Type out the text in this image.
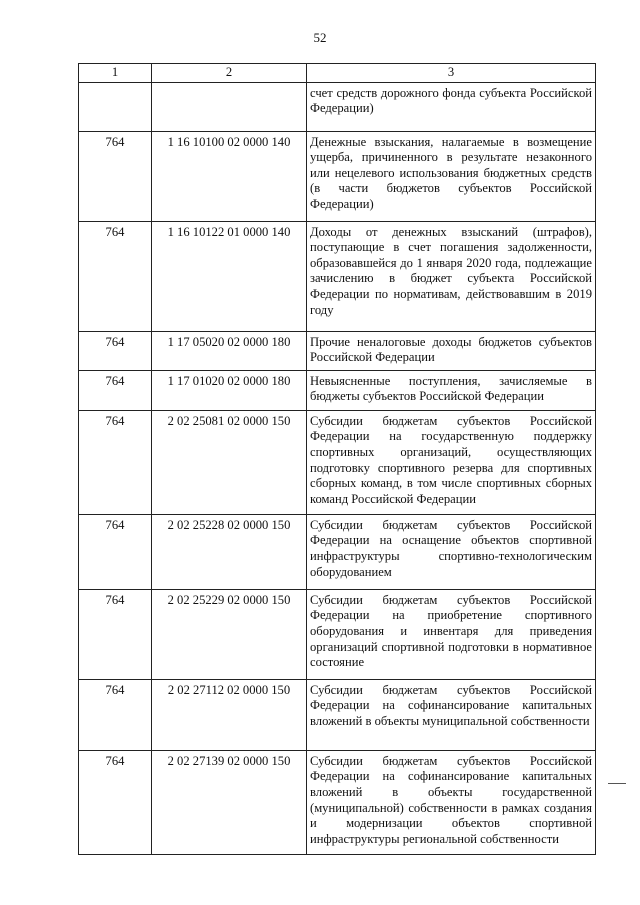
52
1	2	3
		счет средств дорожного фонда субъекта Российской Федерации)
764	1 16 10100 02 0000 140	Денежные взыскания, налагаемые в возмещение ущерба, причиненного в результате незаконного или нецелевого использования бюджетных средств (в части бюджетов субъектов Российской Федерации)
764	1 16 10122 01 0000 140	Доходы от денежных взысканий (штрафов), поступающие в счет погашения задолженности, образовавшейся до 1 января 2020 года, подлежащие зачислению в бюджет субъекта Российской Федерации по нормативам, действовавшим в 2019 году
764	1 17 05020 02 0000 180	Прочие неналоговые доходы бюджетов субъектов Российской Федерации
764	1 17 01020 02 0000 180	Невыясненные поступления, зачисляемые в бюджеты субъектов Российской Федерации
764	2 02 25081 02 0000 150	Субсидии бюджетам субъектов Российской Федерации на государственную поддержку спортивных организаций, осуществляющих подготовку спортивного резерва для спортивных сборных команд, в том числе спортивных сборных команд Российской Федерации
764	2 02 25228 02 0000 150	Субсидии бюджетам субъектов Российской Федерации на оснащение объектов спортивной инфраструктуры спортивно-технологическим оборудованием
764	2 02 25229 02 0000 150	Субсидии бюджетам субъектов Российской Федерации на приобретение спортивного оборудования и инвентаря для приведения организаций спортивной подготовки в нормативное состояние
764	2 02 27112 02 0000 150	Субсидии бюджетам субъектов Российской Федерации на софинансирование капитальных вложений в объекты муниципальной собственности
764	2 02 27139 02 0000 150	Субсидии бюджетам субъектов Российской Федерации на софинансирование капитальных вложений в объекты государственной (муниципальной) собственности в рамках создания и модернизации объектов спортивной инфраструктуры региональной собственности
